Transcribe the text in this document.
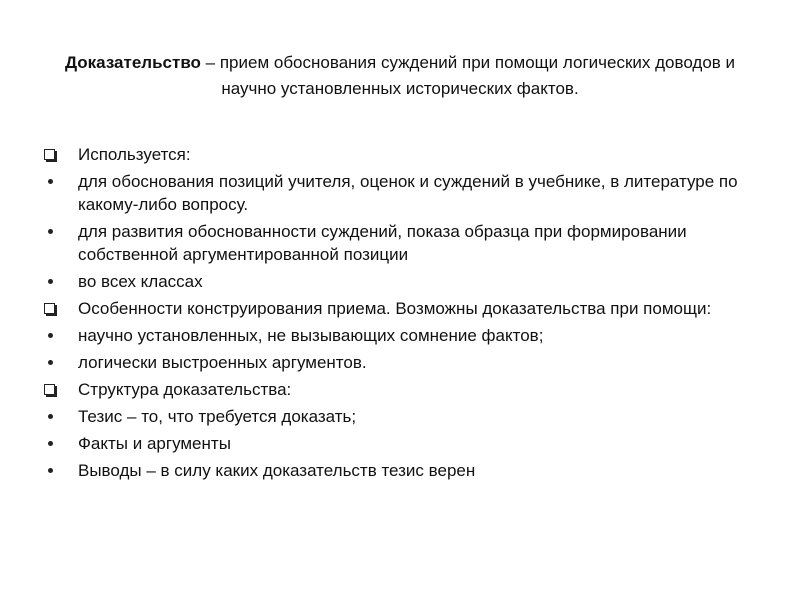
Доказательство – прием обоснования суждений при помощи логических доводов и научно установленных исторических фактов.
Используется:
для обоснования позиций учителя, оценок и суждений в учебнике, в литературе по какому-либо вопросу.
для развития обоснованности суждений, показа образца при формировании собственной аргументированной позиции
во всех классах
Особенности конструирования приема. Возможны доказательства при помощи:
научно установленных, не вызывающих сомнение фактов;
логически выстроенных аргументов.
Структура доказательства:
Тезис – то, что требуется доказать;
Факты и аргументы
Выводы – в силу каких доказательств тезис верен
